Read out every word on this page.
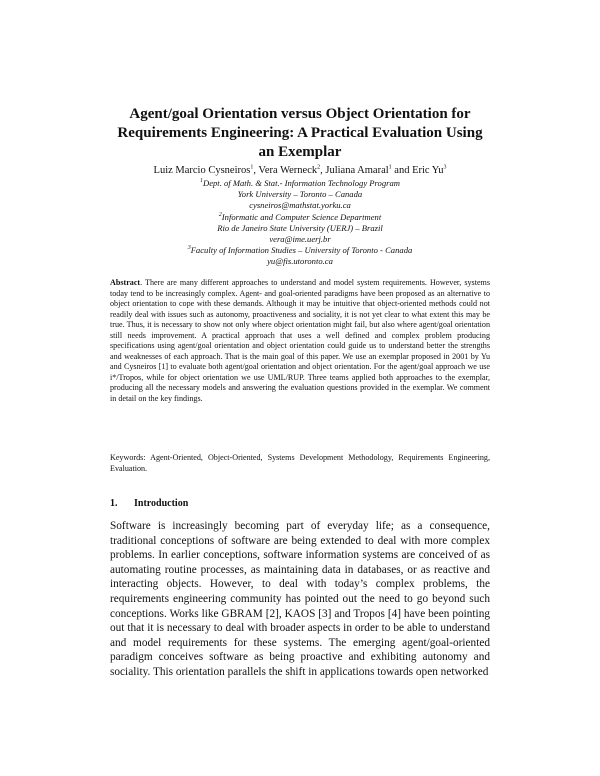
Agent/goal Orientation versus Object Orientation for
Requirements Engineering: A Practical Evaluation Using
an Exemplar
Luiz Marcio Cysneiros$^1$, Vera Werneck$^2$, Juliana Amaral$^1$ and Eric Yu$^3$
$^1$Dept. of Math. & Stat.- Information Technology Program
York University – Toronto – Canada
cysneiros@mathstat.yorku.ca
$^2$Informatic and Computer Science Department
Rio de Janeiro State University (UERJ) – Brazil
vera@ime.uerj.br
$^3$Faculty of Information Studies – University of Toronto - Canada
yu@fis.utoronto.ca

Abstract. There are many different approaches to understand and model system requirements. However, systems today tend to be increasingly complex. Agent- and goal-oriented paradigms have been proposed as an alternative to object orientation to cope with these demands. Although it may be intuitive that object-oriented methods could not readily deal with issues such as autonomy, proactiveness and sociality, it is not yet clear to what extent this may be true. Thus, it is necessary to show not only where object orientation might fail, but also where agent/goal orientation still needs improvement. A practical approach that uses a well defined and complex problem producing specifications using agent/goal orientation and object orientation could guide us to understand better the strengths and weaknesses of each approach. That is the main goal of this paper. We use an exemplar proposed in 2001 by Yu and Cysneiros [1] to evaluate both agent/goal orientation and object orientation. For the agent/goal approach we use i*/Tropos, while for object orientation we use UML/RUP. Three teams applied both approaches to the exemplar, producing all the necessary models and answering the evaluation questions provided in the exemplar. We comment in detail on the key findings.

Keywords: Agent-Oriented, Object-Oriented, Systems Development Methodology, Requirements Engineering, Evaluation.

1. Introduction

Software is increasingly becoming part of everyday life; as a consequence, traditional conceptions of software are being extended to deal with more complex problems. In earlier conceptions, software information systems are conceived of as automating routine processes, as maintaining data in databases, or as reactive and interacting objects. However, to deal with today’s complex problems, the requirements engineering community has pointed out the need to go beyond such conceptions. Works like GBRAM [2], KAOS [3] and Tropos [4] have been pointing out that it is necessary to deal with broader aspects in order to be able to understand and model requirements for these systems. The emerging agent/goal-oriented paradigm conceives software as being proactive and exhibiting autonomy and sociality. This orientation parallels the shift in applications towards open networked
